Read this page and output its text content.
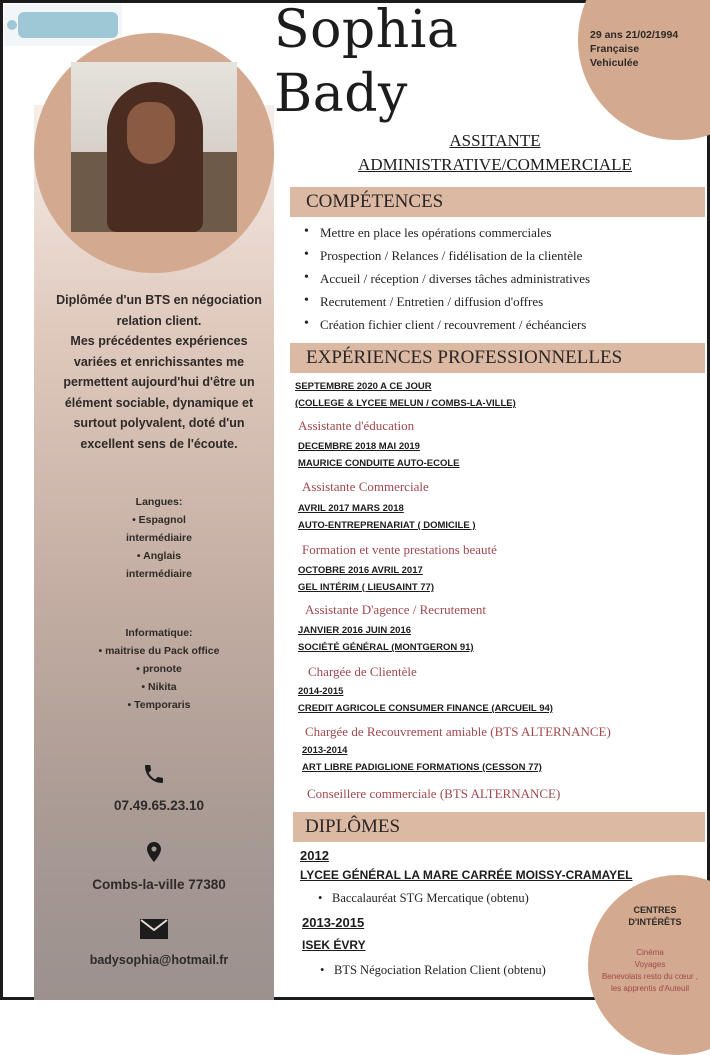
Diplômée d'un BTS en négociation
relation client.
Mes précédentes expériences
variées et enrichissantes me
permettent aujourd'hui d'être un
élément sociable, dynamique et
surtout polyvalent, doté d'un
excellent sens de l'écoute.
Langues:
• Espagnol
intermédiaire
• Anglais
intermédiaire
Informatique:
• maitrise du Pack office
• pronote
• Nikita
• Temporaris
07.49.65.23.10
Combs-la-ville 77380
badysophia@hotmail.fr
29 ans 21/02/1994
Française
Vehiculée
Sophia
Bady
ASSITANTE
ADMINISTRATIVE/COMMERCIALE
COMPÉTENCES
• Mettre en place les opérations commerciales
• Prospection / Relances / fidélisation de la clientèle
• Accueil / réception / diverses tâches administratives
• Recrutement / Entretien / diffusion d'offres
• Création fichier client / recouvrement / échéanciers
EXPÉRIENCES PROFESSIONNELLES
SEPTEMBRE 2020 A CE JOUR
(COLLEGE & LYCEE MELUN / COMBS-LA-VILLE)
Assistante d'éducation
DECEMBRE 2018 MAI 2019
MAURICE CONDUITE AUTO-ECOLE
Assistante Commerciale
AVRIL 2017 MARS 2018
AUTO-ENTREPRENARIAT ( DOMICILE )
Formation et vente prestations beauté
OCTOBRE 2016 AVRIL 2017
GEL INTÉRIM ( LIEUSAINT 77)
Assistante D'agence / Recrutement
JANVIER 2016 JUIN 2016
SOCIÉTÉ GÉNÉRAL (MONTGERON 91)
Chargée de Clientèle
2014-2015
CREDIT AGRICOLE CONSUMER FINANCE (ARCUEIL 94)
Chargée de Recouvrement amiable (BTS ALTERNANCE)
2013-2014
ART LIBRE PADIGLIONE FORMATIONS (CESSON 77)
Conseillere commerciale (BTS ALTERNANCE)
DIPLÔMES
2012
LYCEE GÉNÉRAL LA MARE CARRÉE MOISSY-CRAMAYEL
• Baccalauréat STG Mercatique (obtenu)
2013-2015
ISEK ÉVRY
• BTS Négociation Relation Client (obtenu)
CENTRES
D'INTÉRÊTS
Cinéma
Voyages
Benevolats resto du cœur ,
les apprentis d'Auteuil
